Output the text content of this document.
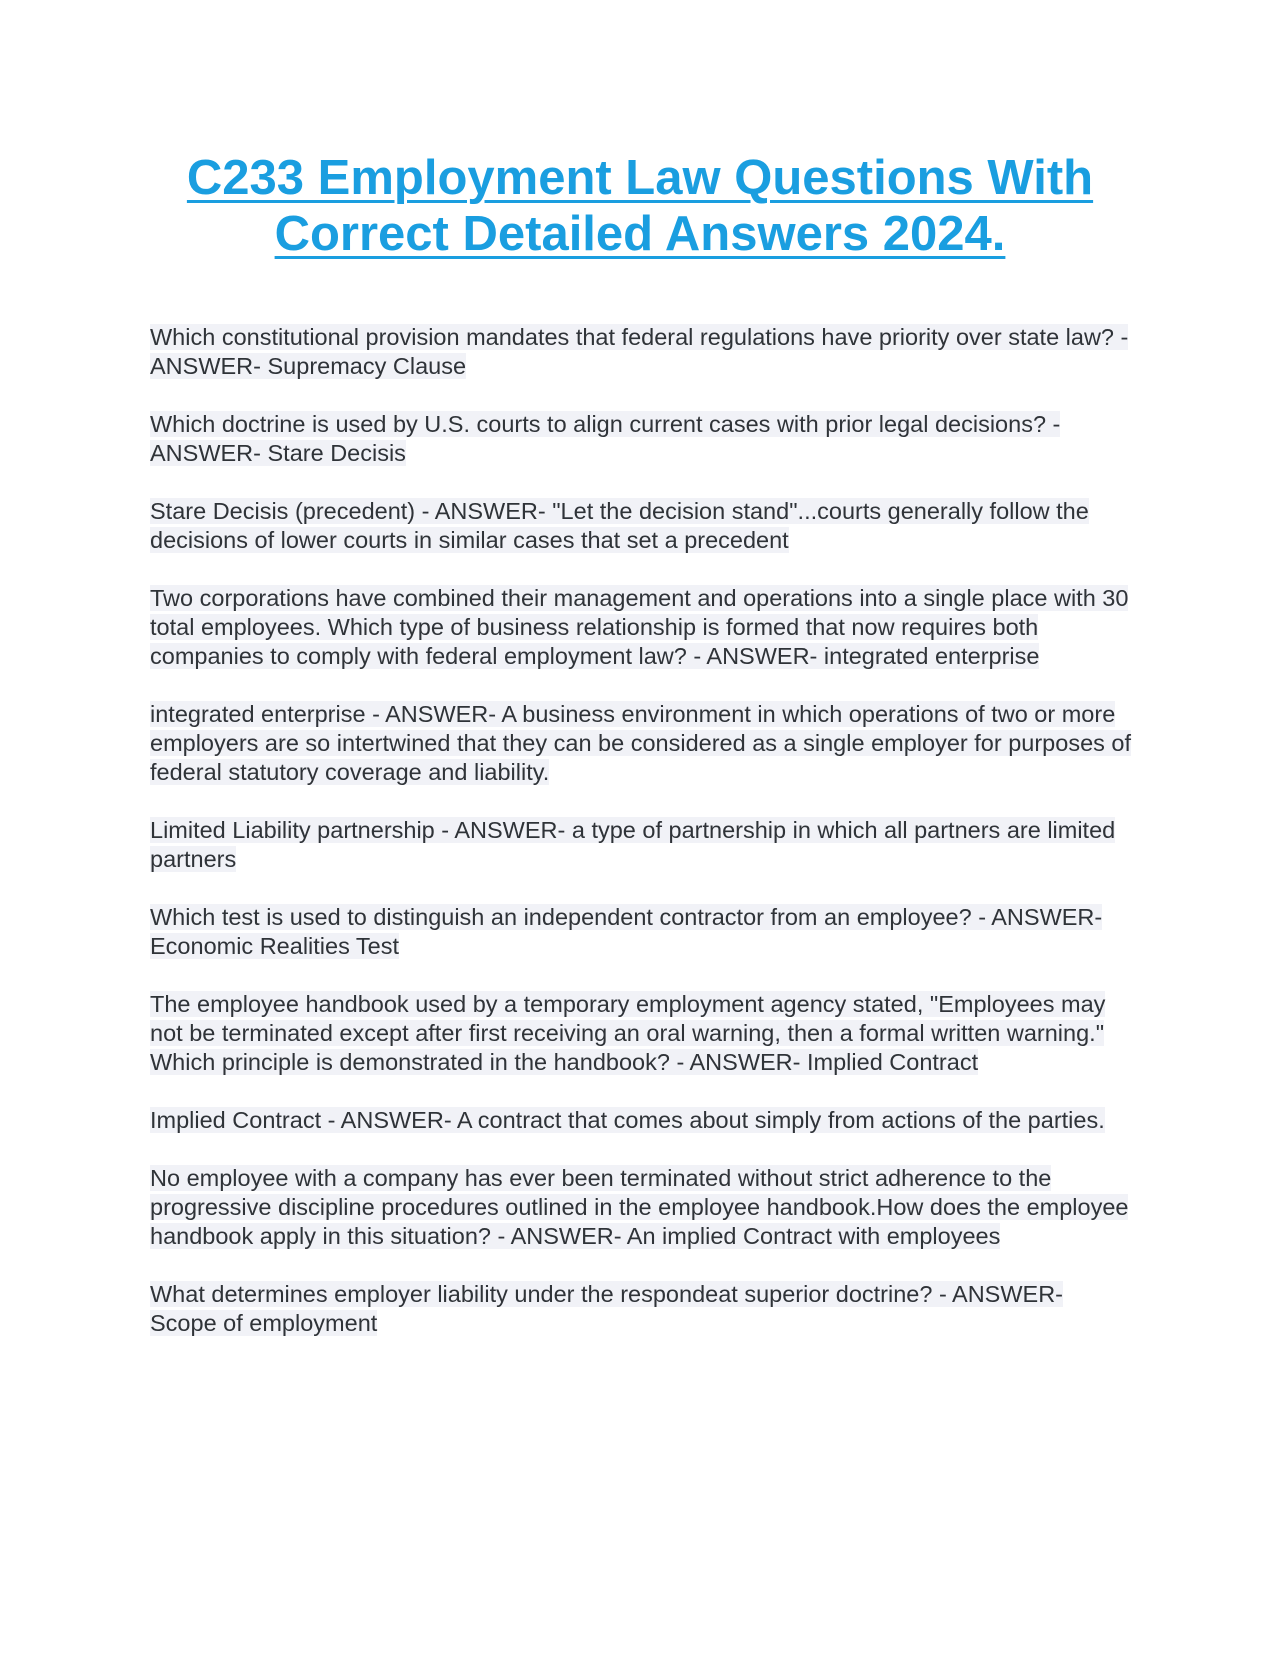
C233 Employment Law Questions With
Correct Detailed Answers 2024.

Which constitutional provision mandates that federal regulations have priority over state law? - ANSWER- Supremacy Clause

Which doctrine is used by U.S. courts to align current cases with prior legal decisions? - ANSWER- Stare Decisis

Stare Decisis (precedent) - ANSWER- "Let the decision stand"...courts generally follow the decisions of lower courts in similar cases that set a precedent

Two corporations have combined their management and operations into a single place with 30 total employees. Which type of business relationship is formed that now requires both companies to comply with federal employment law? - ANSWER- integrated enterprise

integrated enterprise - ANSWER- A business environment in which operations of two or more employers are so intertwined that they can be considered as a single employer for purposes of federal statutory coverage and liability.

Limited Liability partnership - ANSWER- a type of partnership in which all partners are limited partners

Which test is used to distinguish an independent contractor from an employee? - ANSWER- Economic Realities Test

The employee handbook used by a temporary employment agency stated, "Employees may not be terminated except after first receiving an oral warning, then a formal written warning." Which principle is demonstrated in the handbook? - ANSWER- Implied Contract

Implied Contract - ANSWER- A contract that comes about simply from actions of the parties.

No employee with a company has ever been terminated without strict adherence to the progressive discipline procedures outlined in the employee handbook.How does the employee handbook apply in this situation? - ANSWER- An implied Contract with employees

What determines employer liability under the respondeat superior doctrine? - ANSWER- Scope of employment
